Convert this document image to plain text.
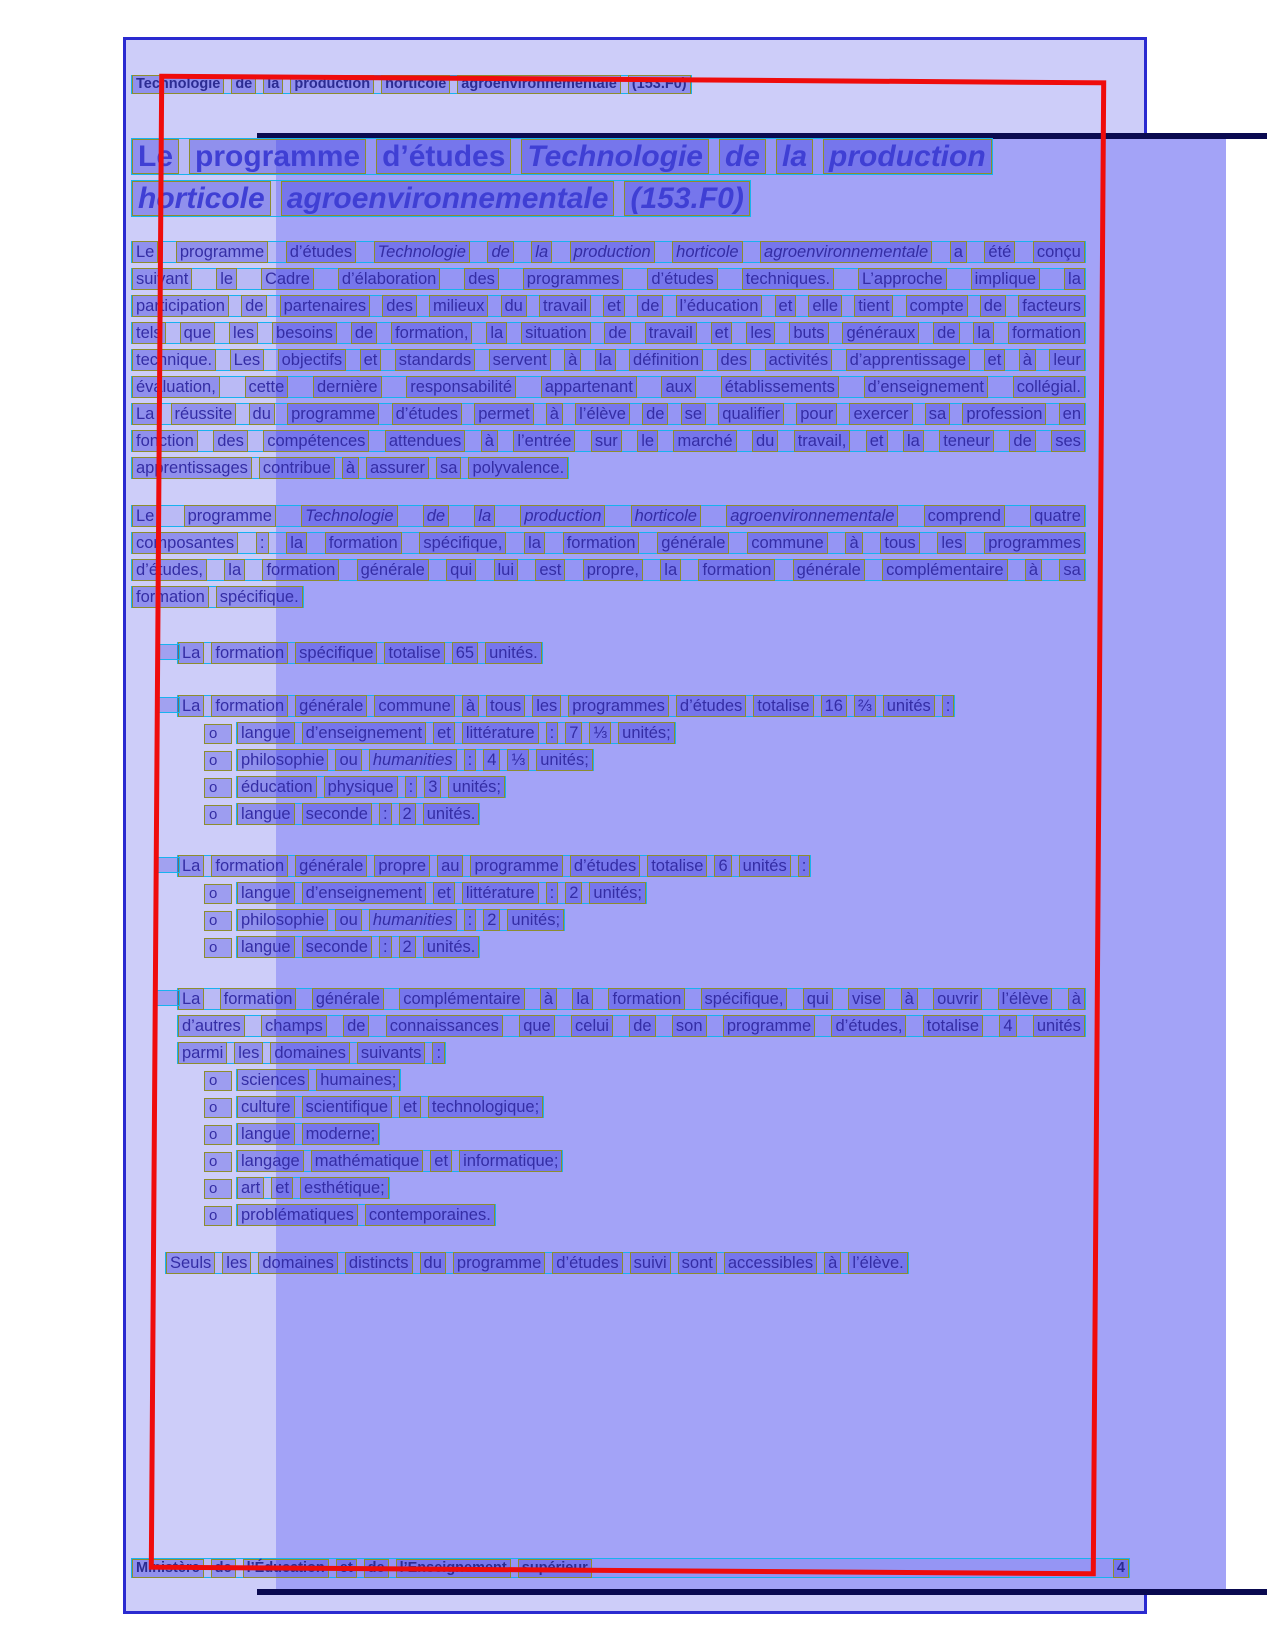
Technologie de la production horticole agroenvironnementale (153.F0)
Le programme d’études Technologie de la production
horticole agroenvironnementale (153.F0)
Le programme d’études Technologie de la production horticole agroenvironnementale a été conçu
suivant le Cadre d’élaboration des programmes d’études techniques. L’approche implique la
participation de partenaires des milieux du travail et de l’éducation et elle tient compte de facteurs
tels que les besoins de formation, la situation de travail et les buts généraux de la formation
technique. Les objectifs et standards servent à la définition des activités d’apprentissage et à leur
évaluation, cette dernière responsabilité appartenant aux établissements d’enseignement collégial.
La réussite du programme d’études permet à l’élève de se qualifier pour exercer sa profession en
fonction des compétences attendues à l’entrée sur le marché du travail, et la teneur de ses
apprentissages contribue à assurer sa polyvalence.
Le programme Technologie de la production horticole agroenvironnementale comprend quatre
composantes : la formation spécifique, la formation générale commune à tous les programmes
d’études, la formation générale qui lui est propre, la formation générale complémentaire à sa
formation spécifique.
La formation spécifique totalise 65 unités.
La formation générale commune à tous les programmes d’études totalise 16 ⅔ unités :
langue d’enseignement et littérature : 7 ⅓ unités;
philosophie ou humanities : 4 ⅓ unités;
éducation physique : 3 unités;
langue seconde : 2 unités.
La formation générale propre au programme d’études totalise 6 unités :
langue d’enseignement et littérature : 2 unités;
philosophie ou humanities : 2 unités;
langue seconde : 2 unités.
La formation générale complémentaire à la formation spécifique, qui vise à ouvrir l’élève à
d’autres champs de connaissances que celui de son programme d’études, totalise 4 unités
parmi les domaines suivants :
sciences humaines;
culture scientifique et technologique;
langue moderne;
langage mathématique et informatique;
art et esthétique;
problématiques contemporaines.
Seuls les domaines distincts du programme d’études suivi sont accessibles à l’élève.
o
o
o
o
o
o
o
o
o
o
o
o
o
Ministère de l’Éducation et de l’Enseignement supérieur	4
